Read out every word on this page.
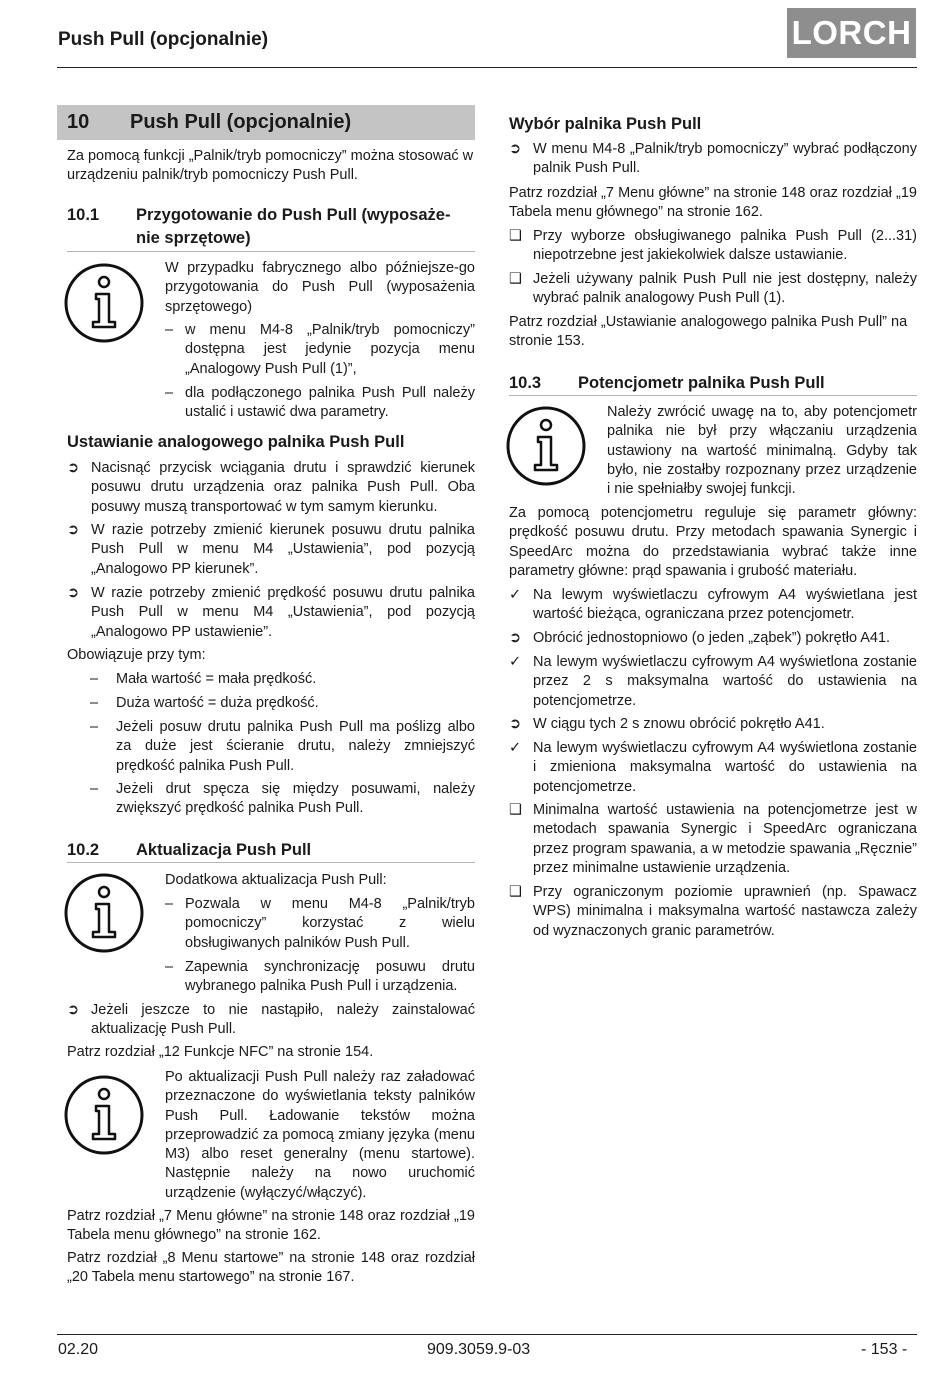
Push Pull (opcjonalnie)	LORCH
10 Push Pull (opcjonalnie)
Za pomocą funkcji „Palnik/tryb pomocniczy” można stosować w urządzeniu palnik/tryb pomocniczy Push Pull.
10.1 Przygotowanie do Push Pull (wyposaże-
nie sprzętowe)
W przypadku fabrycznego albo późniejsze-go przygotowania do Push Pull (wyposażenia sprzętowego)
– w menu M4-8 „Palnik/tryb pomocniczy” dostępna jest jedynie pozycja menu „Analogowy Push Pull (1)”,
– dla podłączonego palnika Push Pull należy ustalić i ustawić dwa parametry.
Ustawianie analogowego palnika Push Pull
➲ Nacisnąć przycisk wciągania drutu i sprawdzić kierunek posuwu drutu urządzenia oraz palnika Push Pull. Oba posuwy muszą transportować w tym samym kierunku.
➲ W razie potrzeby zmienić kierunek posuwu drutu palnika Push Pull w menu M4 „Ustawienia”, pod pozycją „Analogowo PP kierunek”.
➲ W razie potrzeby zmienić prędkość posuwu drutu palnika Push Pull w menu M4 „Ustawienia”, pod pozycją „Analogowo PP ustawienie”.
Obowiązuje przy tym:
– Mała wartość = mała prędkość.
– Duża wartość = duża prędkość.
– Jeżeli posuw drutu palnika Push Pull ma poślizg albo za duże jest ścieranie drutu, należy zmniejszyć prędkość palnika Push Pull.
– Jeżeli drut spęcza się między posuwami, należy zwiększyć prędkość palnika Push Pull.
10.2 Aktualizacja Push Pull
Dodatkowa aktualizacja Push Pull:
– Pozwala w menu M4-8 „Palnik/tryb pomocniczy” korzystać z wielu obsługiwanych palników Push Pull.
– Zapewnia synchronizację posuwu drutu wybranego palnika Push Pull i urządzenia.
➲ Jeżeli jeszcze to nie nastąpiło, należy zainstalować aktualizację Push Pull.
Patrz rozdział „12 Funkcje NFC” na stronie 154.
Po aktualizacji Push Pull należy raz załadować przeznaczone do wyświetlania teksty palników Push Pull. Ładowanie tekstów można przeprowadzić za pomocą zmiany języka (menu M3) albo reset generalny (menu startowe). Następnie należy na nowo uruchomić urządzenie (wyłączyć/włączyć).
Patrz rozdział „7 Menu główne” na stronie 148 oraz rozdział „19 Tabela menu głównego” na stronie 162.
Patrz rozdział „8 Menu startowe” na stronie 148 oraz rozdział „20 Tabela menu startowego” na stronie 167.
Wybór palnika Push Pull
➲ W menu M4-8 „Palnik/tryb pomocniczy” wybrać podłączony palnik Push Pull.
Patrz rozdział „7 Menu główne” na stronie 148 oraz rozdział „19 Tabela menu głównego” na stronie 162.
❑ Przy wyborze obsługiwanego palnika Push Pull (2...31) niepotrzebne jest jakiekolwiek dalsze ustawianie.
❑ Jeżeli używany palnik Push Pull nie jest dostępny, należy wybrać palnik analogowy Push Pull (1).
Patrz rozdział „Ustawianie analogowego palnika Push Pull” na stronie 153.
10.3 Potencjometr palnika Push Pull
Należy zwrócić uwagę na to, aby potencjometr palnika nie był przy włączaniu urządzenia ustawiony na wartość minimalną. Gdyby tak było, nie zostałby rozpoznany przez urządzenie i nie spełniałby swojej funkcji.
Za pomocą potencjometru reguluje się parametr główny: prędkość posuwu drutu. Przy metodach spawania Synergic i SpeedArc można do przedstawiania wybrać także inne parametry główne: prąd spawania i grubość materiału.
✓ Na lewym wyświetlaczu cyfrowym A4 wyświetlana jest wartość bieżąca, ograniczana przez potencjometr.
➲ Obrócić jednostopniowo (o jeden „ząbek”) pokrętło A41.
✓ Na lewym wyświetlaczu cyfrowym A4 wyświetlona zostanie przez 2 s maksymalna wartość do ustawienia na potencjometrze.
➲ W ciągu tych 2 s znowu obrócić pokrętło A41.
✓ Na lewym wyświetlaczu cyfrowym A4 wyświetlona zostanie i zmieniona maksymalna wartość do ustawienia na potencjometrze.
❑ Minimalna wartość ustawienia na potencjometrze jest w metodach spawania Synergic i SpeedArc ograniczana przez program spawania, a w metodzie spawania „Ręcznie” przez minimalne ustawienie urządzenia.
❑ Przy ograniczonym poziomie uprawnień (np. Spawacz WPS) minimalna i maksymalna wartość nastawcza zależy od wyznaczonych granic parametrów.
02.20	909.3059.9-03	- 153 -
